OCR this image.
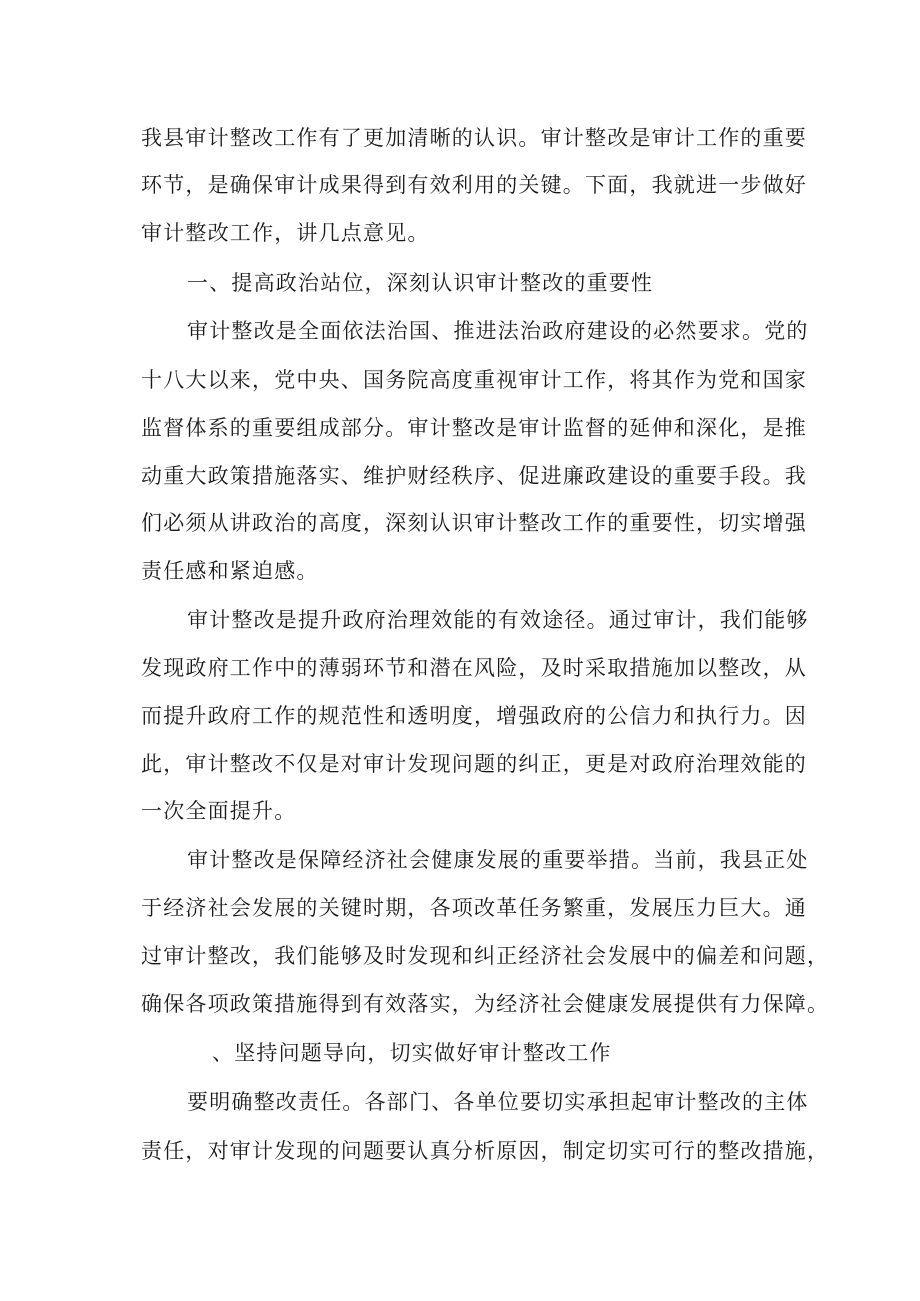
我县审计整改工作有了更加清晰的认识。审计整改是审计工作的重要

环节，是确保审计成果得到有效利用的关键。下面，我就进一步做好

审计整改工作，讲几点意见。

一、提高政治站位，深刻认识审计整改的重要性

审计整改是全面依法治国、推进法治政府建设的必然要求。党的

十八大以来，党中央、国务院高度重视审计工作，将其作为党和国家

监督体系的重要组成部分。审计整改是审计监督的延伸和深化，是推

动重大政策措施落实、维护财经秩序、促进廉政建设的重要手段。我

们必须从讲政治的高度，深刻认识审计整改工作的重要性，切实增强

责任感和紧迫感。

审计整改是提升政府治理效能的有效途径。通过审计，我们能够

发现政府工作中的薄弱环节和潜在风险，及时采取措施加以整改，从

而提升政府工作的规范性和透明度，增强政府的公信力和执行力。因

此，审计整改不仅是对审计发现问题的纠正，更是对政府治理效能的

一次全面提升。

审计整改是保障经济社会健康发展的重要举措。当前，我县正处

于经济社会发展的关键时期，各项改革任务繁重，发展压力巨大。通

过审计整改，我们能够及时发现和纠正经济社会发展中的偏差和问题，

确保各项政策措施得到有效落实，为经济社会健康发展提供有力保障。

、坚持问题导向，切实做好审计整改工作

要明确整改责任。各部门、各单位要切实承担起审计整改的主体

责任，对审计发现的问题要认真分析原因，制定切实可行的整改措施，
